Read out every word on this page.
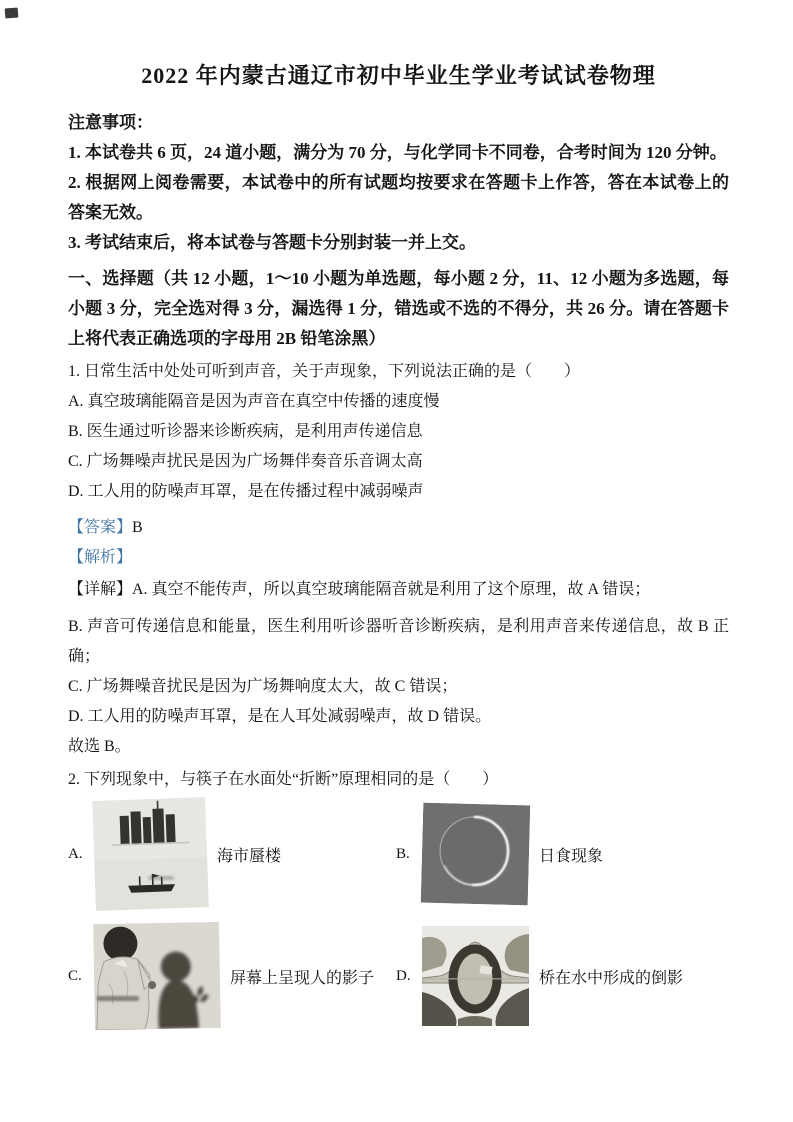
2022 年内蒙古通辽市初中毕业生学业考试试卷物理

注意事项：

1. 本试卷共 6 页，24 道小题，满分为 70 分，与化学同卡不同卷，合考时间为 120 分钟。

2. 根据网上阅卷需要，本试卷中的所有试题均按要求在答题卡上作答，答在本试卷上的答案无效。

3. 考试结束后，将本试卷与答题卡分别封装一并上交。

一、选择题（共 12 小题，1～10 小题为单选题，每小题 2 分，11、12 小题为多选题，每小题 3 分，完全选对得 3 分，漏选得 1 分，错选或不选的不得分，共 26 分。请在答题卡上将代表正确选项的字母用 2B 铅笔涂黑）

1. 日常生活中处处可听到声音，关于声现象，下列说法正确的是（　　）

A. 真空玻璃能隔音是因为声音在真空中传播的速度慢

B. 医生通过听诊器来诊断疾病，是利用声传递信息

C. 广场舞噪声扰民是因为广场舞伴奏音乐音调太高

D. 工人用的防噪声耳罩，是在传播过程中减弱噪声

【答案】B

【解析】

【详解】A. 真空不能传声，所以真空玻璃能隔音就是利用了这个原理，故 A 错误；

B. 声音可传递信息和能量，医生利用听诊器听音诊断疾病，是利用声音来传递信息，故 B 正确；

C. 广场舞噪音扰民是因为广场舞响度太大，故 C 错误；

D. 工人用的防噪声耳罩，是在人耳处减弱噪声，故 D 错误。

故选 B。

2. 下列现象中，与筷子在水面处“折断”原理相同的是（　　）

A.	海市蜃楼	B.	日食现象
C.	屏幕上呈现人的影子 D.	桥在水中形成的倒影
